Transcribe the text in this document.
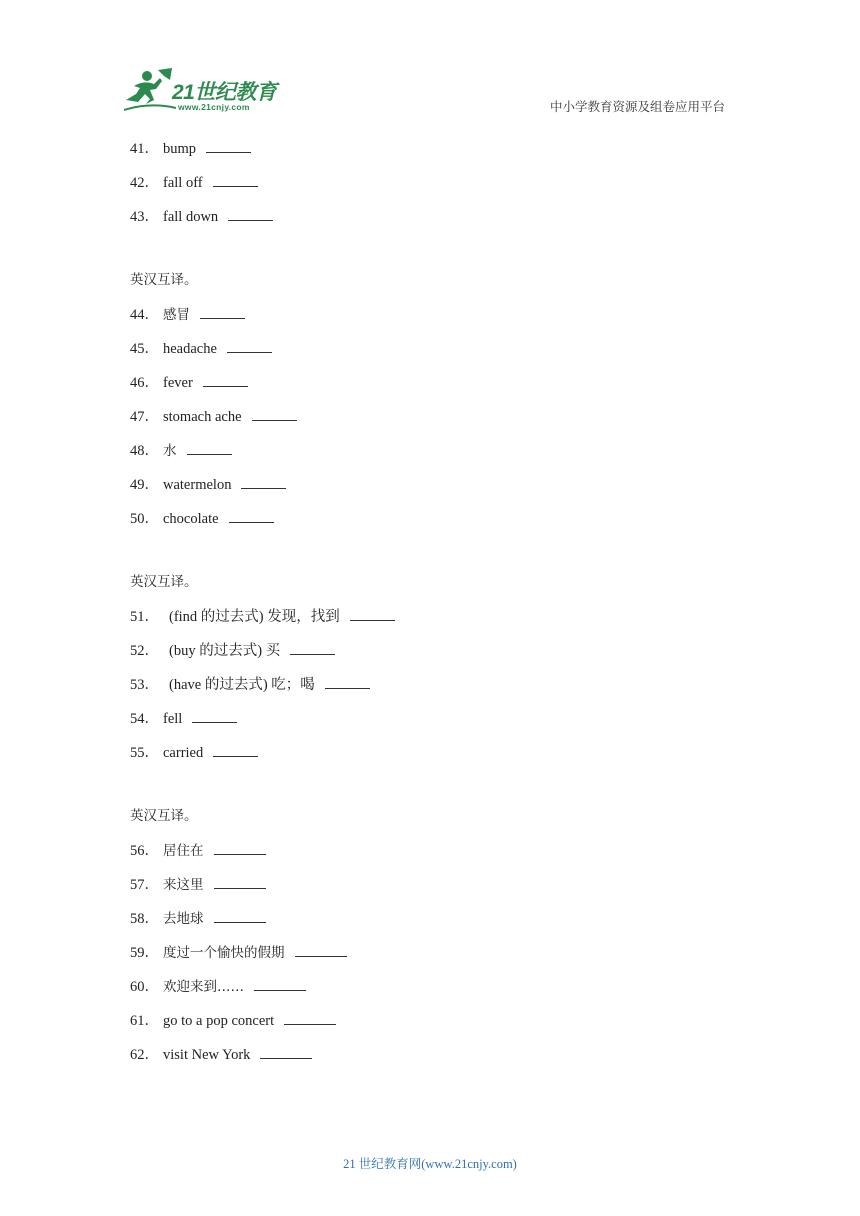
21世纪教育
www.21cnjy.com	中小学教育资源及组卷应用平台
41． bump
42． fall off
43． fall down
英汉互译。
44． 感冒
45． headache
46． fever
47． stomach ache
48． 水
49． watermelon
50． chocolate
英汉互译。
51． (find 的过去式) 发现，找到
52． (buy 的过去式) 买
53． (have 的过去式) 吃；喝
54． fell
55． carried
英汉互译。
56． 居住在
57． 来这里
58． 去地球
59． 度过一个愉快的假期
60． 欢迎来到……
61． go to a pop concert
62． visit New York
21 世纪教育网(www.21cnjy.com)
